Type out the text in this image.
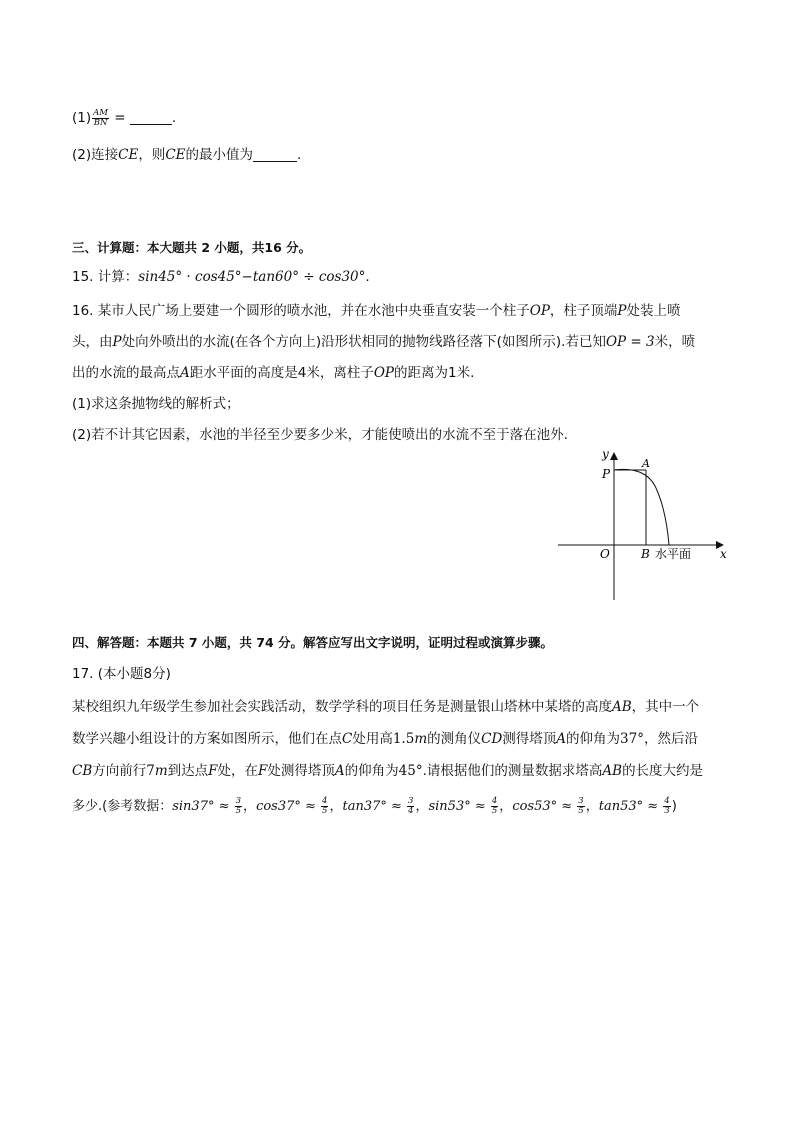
$(1) \frac{AM}{BN}$ =	.
(2)连接CE，则CE的最小值为	.
三、计算题：本大题共 2 小题，共16 分。
15. 计算：sin45° · cos45°−tan60° ÷ cos30°.
16. 某市人民广场上要建一个圆形的喷水池，并在水池中央垂直安装一个柱子OP，柱子顶端P处装上喷
头，由P处向外喷出的水流(在各个方向上)沿形状相同的抛物线路径落下(如图所示).若已知OP = 3米，喷
出的水流的最高点A距水平面的高度是4米，离柱子OP的距离为1米.
(1)求这条抛物线的解析式；
(2)若不计其它因素，水池的半径至少要多少米，才能使喷出的水流不至于落在池外.
y
x
P
A
O	B 水平面
四、解答题：本题共 7 小题，共 74 分。解答应写出文字说明，证明过程或演算步骤。
17. (本小题8分)
某校组织九年级学生参加社会实践活动，数学学科的项目任务是测量银山塔林中某塔的高度AB，其中一个
数学兴趣小组设计的方案如图所示，他们在点C处用高1.5m的测角仪CD测得塔顶A的仰角为37°，然后沿
CB方向前行7m到达点F处，在F处测得塔顶A的仰角为45°.请根据他们的测量数据求塔高AB的长度大约是
多少.(参考数据：$\sin 37^\circ \approx \frac{3}{5}$ ，$\cos 37^\circ \approx \frac{4}{5}$ ，$\tan 37^\circ \approx \frac{3}{4}$ ，$\sin 53^\circ \approx \frac{4}{5}$ ，$\cos 53^\circ \approx \frac{3}{5}$ ，$\tan 53^\circ \approx \frac{4}{3}$ )
